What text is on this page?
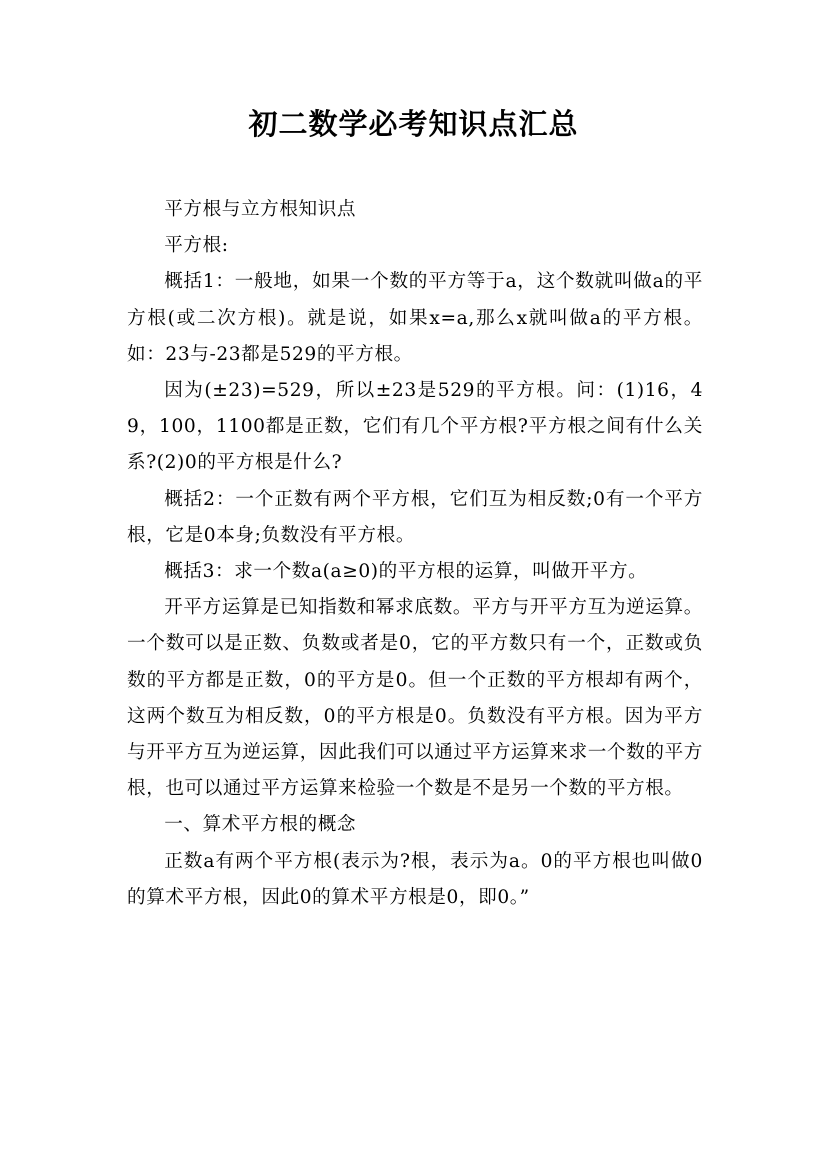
初二数学必考知识点汇总

平方根与立方根知识点

平方根:

概括1：一般地，如果一个数的平方等于a，这个数就叫做a的平方根(或二次方根)。就是说，如果x=a,那么x就叫做a的平方根。如：23与-23都是529的平方根。

因为(±23)=529，所以±23是529的平方根。问：(1)16，49，100，1100都是正数，它们有几个平方根?平方根之间有什么关系?(2)0的平方根是什么?

概括2：一个正数有两个平方根，它们互为相反数;0有一个平方根，它是0本身;负数没有平方根。

概括3：求一个数a(a≥0)的平方根的运算，叫做开平方。

开平方运算是已知指数和幂求底数。平方与开平方互为逆运算。一个数可以是正数、负数或者是0，它的平方数只有一个，正数或负数的平方都是正数，0的平方是0。但一个正数的平方根却有两个，这两个数互为相反数，0的平方根是0。负数没有平方根。因为平方与开平方互为逆运算，因此我们可以通过平方运算来求一个数的平方根，也可以通过平方运算来检验一个数是不是另一个数的平方根。

一、算术平方根的概念

正数a有两个平方根(表示为?根，表示为a。0的平方根也叫做0的算术平方根，因此0的算术平方根是0，即0。”
